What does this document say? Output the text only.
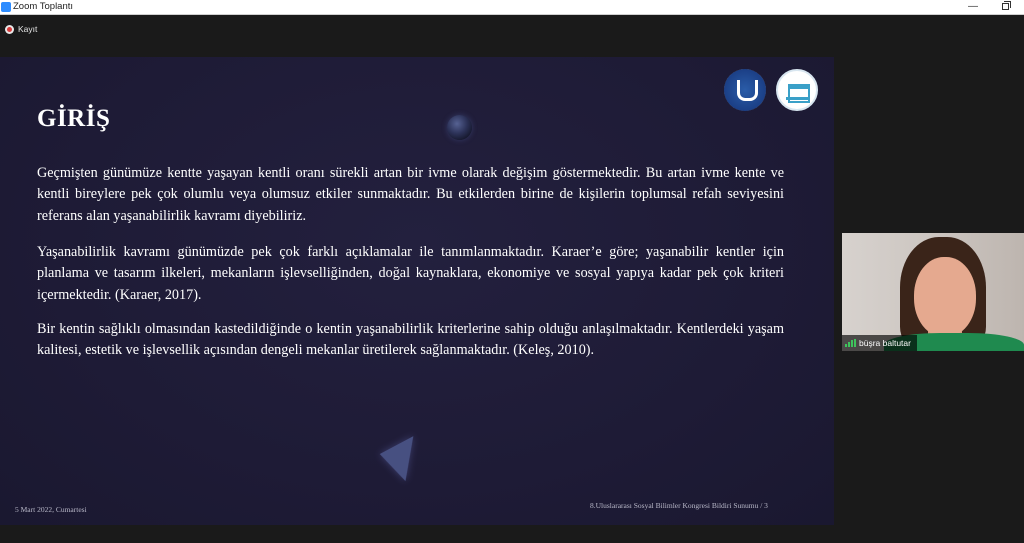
Zoom Toplantı	—
Kayıt
GİRİŞ

Geçmişten günümüze kentte yaşayan kentli oranı sürekli artan bir ivme olarak değişim göstermektedir. Bu artan ivme kente ve kentli bireylere pek çok olumlu veya olumsuz etkiler sunmaktadır. Bu etkilerden birine de kişilerin toplumsal refah seviyesini referans alan yaşanabilirlik kavramı diyebiliriz.

Yaşanabilirlik kavramı günümüzde pek çok farklı açıklamalar ile tanımlanmaktadır. Karaer’e göre; yaşanabilir kentler için planlama ve tasarım ilkeleri, mekanların işlevselliğinden, doğal kaynaklara, ekonomiye ve sosyal yapıya kadar pek çok kriteri içermektedir. (Karaer, 2017).

Bir kentin sağlıklı olmasından kastedildiğinde o kentin yaşanabilirlik kriterlerine sahip olduğu anlaşılmaktadır. Kentlerdeki yaşam kalitesi, estetik ve işlevsellik açısından dengeli mekanlar üretilerek sağlanmaktadır. (Keleş, 2010).

5 Mart 2022, Cumartesi	8.Uluslararası Sosyal Bilimler Kongresi Bildiri Sunumu / 3
büşra baltutar
